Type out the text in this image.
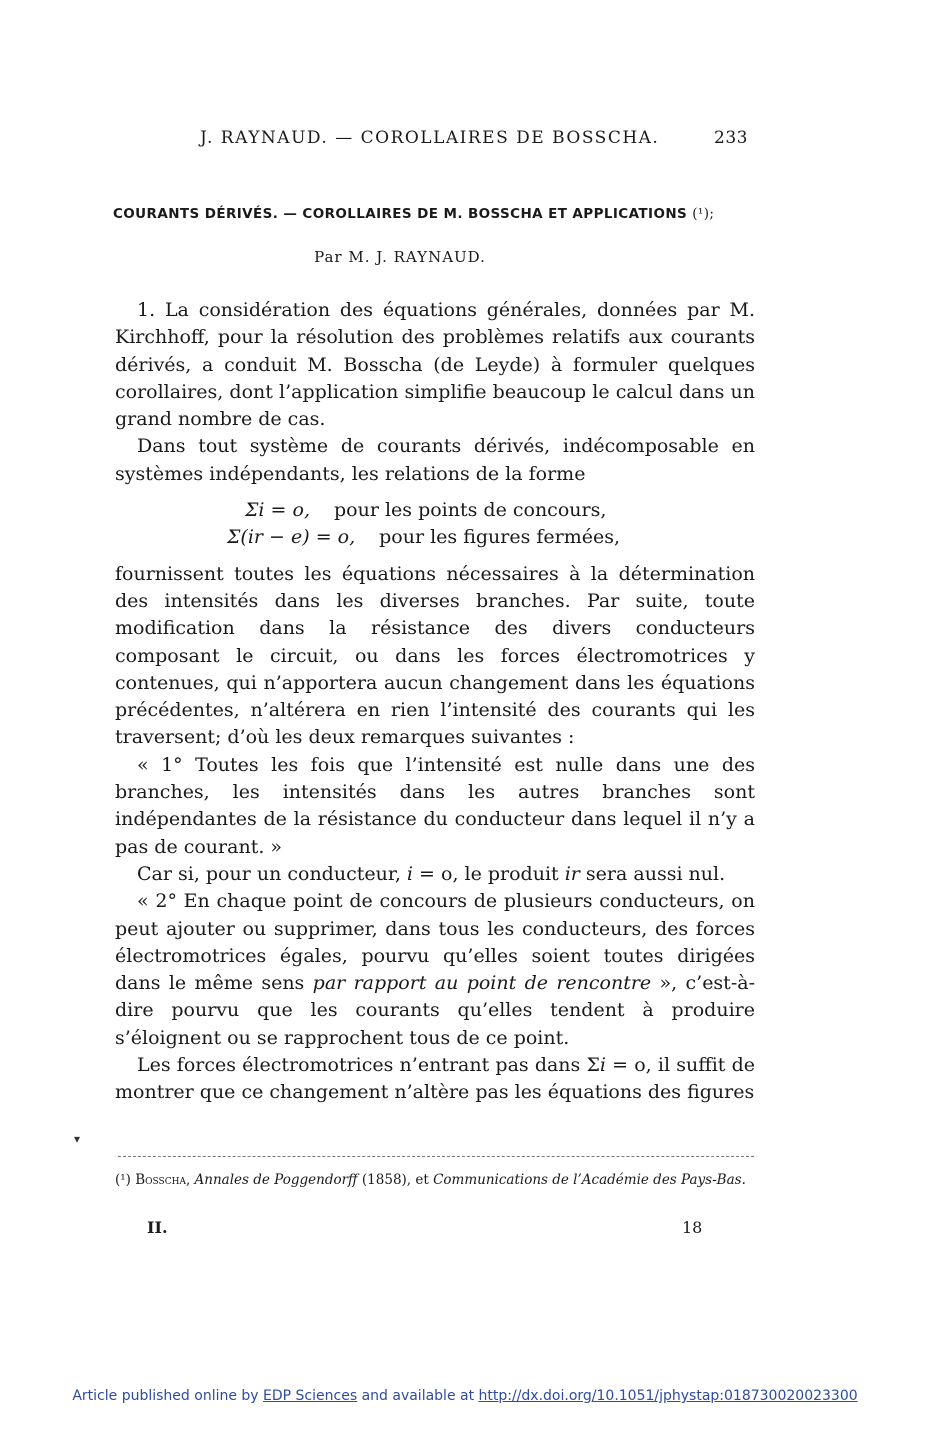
J. RAYNAUD. — COROLLAIRES DE BOSSCHA.	233
COURANTS DÉRIVÉS. — COROLLAIRES DE M. BOSSCHA ET APPLICATIONS (¹);
Par M. J. RAYNAUD.

1. La considération des équations générales, données par M. Kirchhoff, pour la résolution des problèmes relatifs aux courants dérivés, a conduit M. Bosscha (de Leyde) à formuler quelques corollaires, dont l’application simplifie beaucoup le calcul dans un grand nombre de cas.

Dans tout système de courants dérivés, indécomposable en systèmes indépendants, les relations de la forme

Σi = o, pour les points de concours,
Σ(ir − e) = o, pour les figures fermées,

fournissent toutes les équations nécessaires à la détermination des intensités dans les diverses branches. Par suite, toute modification dans la résistance des divers conducteurs composant le circuit, ou dans les forces électromotrices y contenues, qui n’apportera aucun changement dans les équations précédentes, n’altérera en rien l’intensité des courants qui les traversent; d’où les deux remarques suivantes :

« 1° Toutes les fois que l’intensité est nulle dans une des branches, les intensités dans les autres branches sont indépendantes de la résistance du conducteur dans lequel il n’y a pas de courant. »

Car si, pour un conducteur, i = o, le produit ir sera aussi nul.

« 2° En chaque point de concours de plusieurs conducteurs, on peut ajouter ou supprimer, dans tous les conducteurs, des forces électromotrices égales, pourvu qu’elles soient toutes dirigées dans le même sens par rapport au point de rencontre », c’est-à-dire pourvu que les courants qu’elles tendent à produire s’éloignent ou se rapprochent tous de ce point.

Les forces électromotrices n’entrant pas dans Σi = o, il suffit de montrer que ce changement n’altère pas les équations des figures

▾
(¹) Bosscha, Annales de Poggendorff (1858), et Communications de l’Académie des Pays-Bas.
II.	18
Article published online by EDP Sciences and available at http://dx.doi.org/10.1051/jphystap:018730020023300
